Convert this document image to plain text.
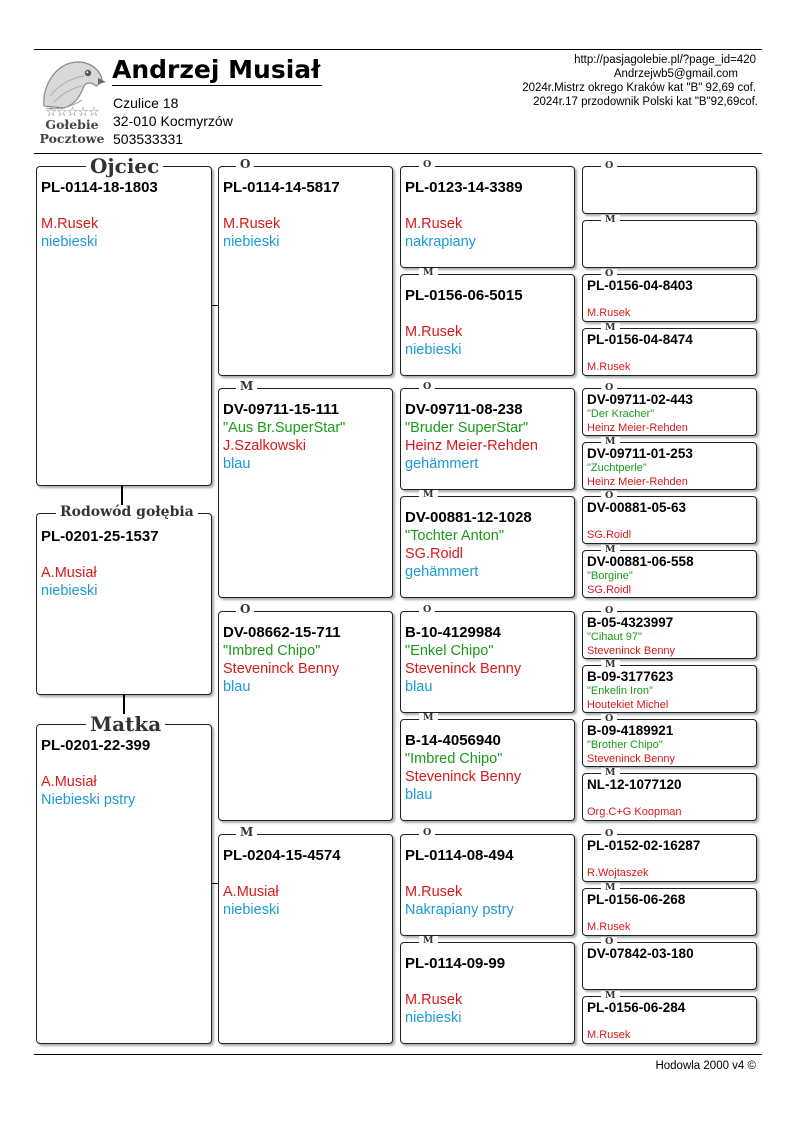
☆☆☆☆☆
Gołebie
Pocztowe
Andrzej Musiał
Czulice 18
32-010 Kocmyrzów
503533331
http://pasjagolebie.pl/?page_id=420
Andrzejwb5@gmail.com
2024r.Mistrz okrego Kraków kat "B" 92,69 cof.
2024r.17 przodownik Polski kat "B"92,69cof.
PL-0114-18-1803
M.Rusek
niebieski
Ojciec
PL-0201-25-1537
A.Musiał
niebieski
Rodowód gołębia
PL-0201-22-399
A.Musiał
Niebieski pstry
Matka
PL-0114-14-5817
M.Rusek
niebieski
O
DV-09711-15-111
"Aus Br.SuperStar"
J.Szalkowski
blau
M
DV-08662-15-711
"Imbred Chipo"
Steveninck Benny
blau
O
PL-0204-15-4574
A.Musiał
niebieski
M
PL-0123-14-3389
M.Rusek
nakrapiany
O
PL-0156-06-5015
M.Rusek
niebieski
M
DV-09711-08-238
"Bruder SuperStar"
Heinz Meier-Rehden
gehämmert
O
DV-00881-12-1028
"Tochter Anton"
SG.Roidl
gehämmert
M
B-10-4129984
"Enkel Chipo"
Steveninck Benny
blau
O
B-14-4056940
"Imbred Chipo"
Steveninck Benny
blau
M
PL-0114-08-494
M.Rusek
Nakrapiany pstry
O
PL-0114-09-99
M.Rusek
niebieski
M
O
M
PL-0156-04-8403
M.Rusek
O
PL-0156-04-8474
M.Rusek
M
DV-09711-02-443
"Der Kracher"
Heinz Meier-Rehden
O
DV-09711-01-253
"Zuchtperle"
Heinz Meier-Rehden
M
DV-00881-05-63
SG.Roidl
O
DV-00881-06-558
"Borgine"
SG.Roidl
M
B-05-4323997
"Cihaut 97"
Steveninck Benny
O
B-09-3177623
"Enkelin Iron"
Houtekiet Michel
M
B-09-4189921
"Brother Chipo"
Steveninck Benny
O
NL-12-1077120
Org.C+G Koopman
M
PL-0152-02-16287
R.Wojtaszek
O
PL-0156-06-268
M.Rusek
M
DV-07842-03-180
O
PL-0156-06-284
M.Rusek
M
Hodowla 2000 v4 ©
